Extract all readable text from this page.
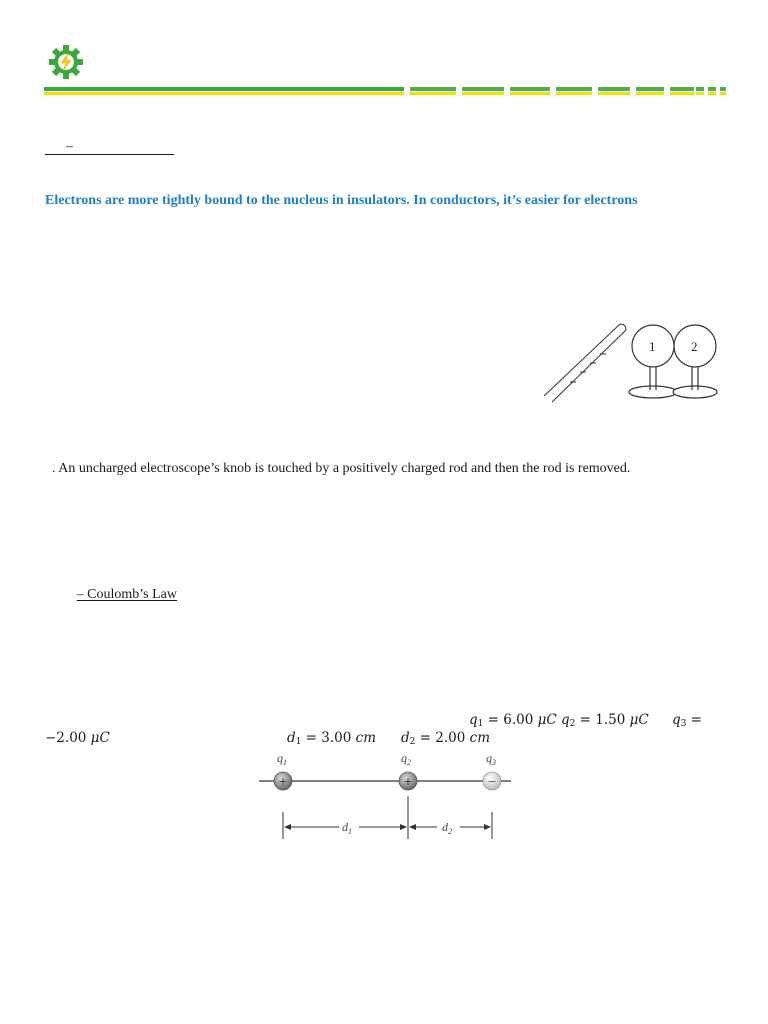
–
Electrons are more tightly bound to the nucleus in insulators. In conductors, it’s easier for electrons
1	2
. An uncharged electroscope’s knob is touched by a positively charged rod and then the rod is removed.
– Coulomb’s Law
$q_1 = 6.00$ μC $q_2 = 1.50$ μC $q_3$ =
−2.00 μC	$d_1 = 3.00$ cm $d_2 = 2.00$ cm
$q_1$	$q_2$	$q_3$
+	+	−
$d_1$	$d_2$
